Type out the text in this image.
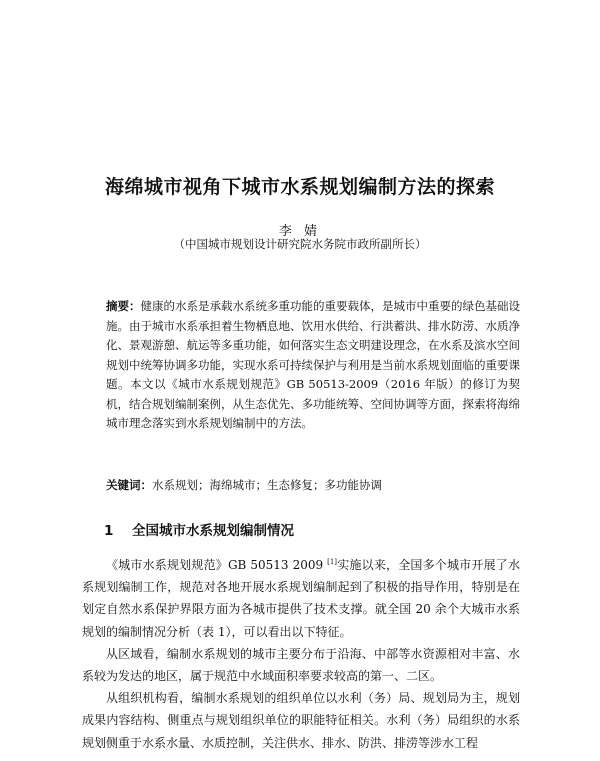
海绵城市视角下城市水系规划编制方法的探索
李 婧
（中国城市规划设计研究院水务院市政所副所长）
摘要：健康的水系是承载水系统多重功能的重要载体，是城市中重要的绿色基础设施。由于城市水系承担着生物栖息地、饮用水供给、行洪蓄洪、排水防涝、水质净化、景观游憩、航运等多重功能，如何落实生态文明建设理念，在水系及滨水空间规划中统筹协调多功能，实现水系可持续保护与利用是当前水系规划面临的重要课题。本文以《城市水系规划规范》GB 50513-2009（2016 年版）的修订为契机，结合规划编制案例，从生态优先、多功能统筹、空间协调等方面，探索将海绵城市理念落实到水系规划编制中的方法。
关键词：水系规划；海绵城市；生态修复；多功能协调
1 全国城市水系规划编制情况

《城市水系规划规范》GB 50513 2009 [1]实施以来，全国多个城市开展了水系规划编制工作，规范对各地开展水系规划编制起到了积极的指导作用，特别是在划定自然水系保护界限方面为各城市提供了技术支撑。就全国 20 余个大城市水系规划的编制情况分析（表 1），可以看出以下特征。

从区域看，编制水系规划的城市主要分布于沿海、中部等水资源相对丰富、水系较为发达的地区，属于规范中水域面积率要求较高的第一、二区。

从组织机构看，编制水系规划的组织单位以水利（务）局、规划局为主，规划成果内容结构、侧重点与规划组织单位的职能特征相关。水利（务）局组织的水系规划侧重于水系水量、水质控制，关注供水、排水、防洪、排涝等涉水工程
